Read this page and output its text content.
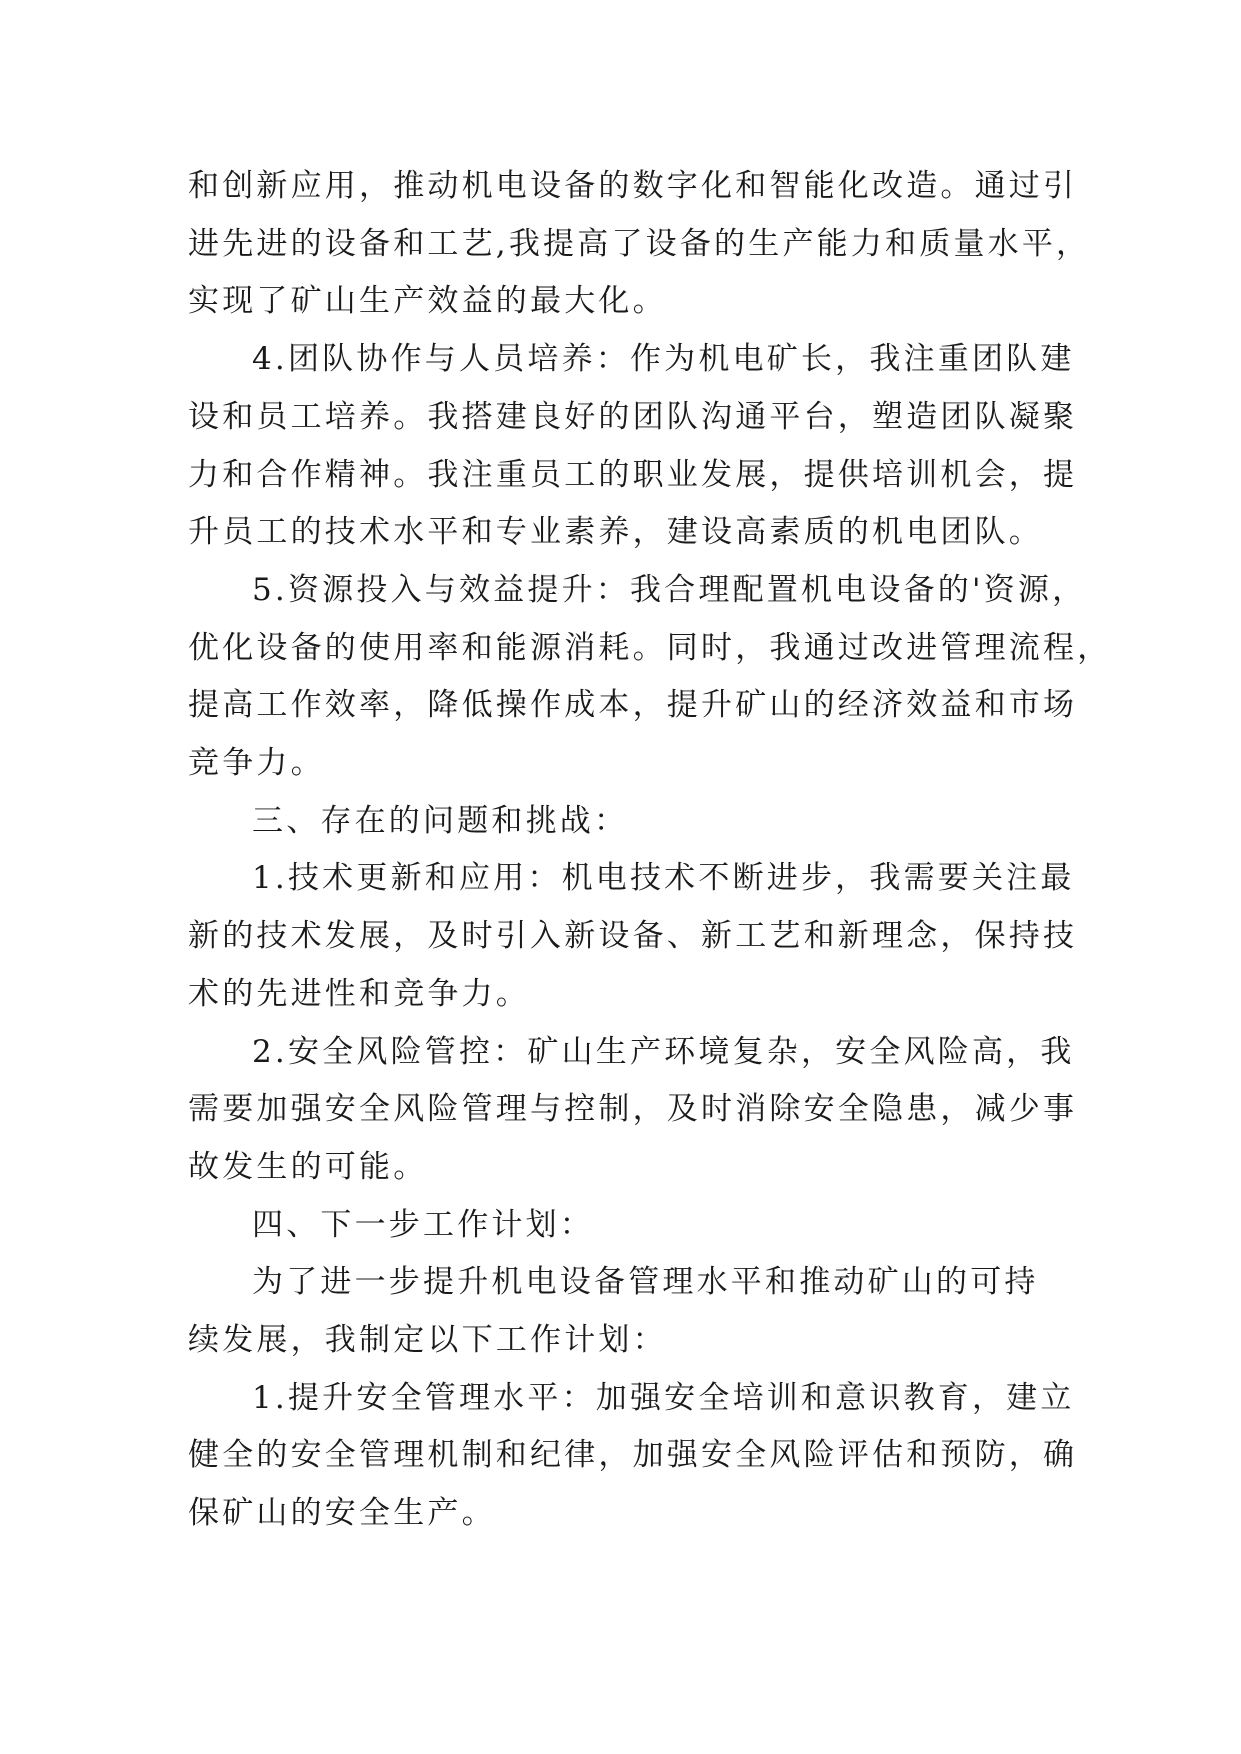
和创新应用，推动机电设备的数字化和智能化改造。通过引
进先进的设备和工艺,我提高了设备的生产能力和质量水平，
实现了矿山生产效益的最大化。

4.团队协作与人员培养：作为机电矿长，我注重团队建
设和员工培养。我搭建良好的团队沟通平台，塑造团队凝聚
力和合作精神。我注重员工的职业发展，提供培训机会，提
升员工的技术水平和专业素养，建设高素质的机电团队。

5.资源投入与效益提升：我合理配置机电设备的'资源，
优化设备的使用率和能源消耗。同时，我通过改进管理流程，
提高工作效率，降低操作成本，提升矿山的经济效益和市场
竞争力。

三、存在的问题和挑战：

1.技术更新和应用：机电技术不断进步，我需要关注最
新的技术发展，及时引入新设备、新工艺和新理念，保持技
术的先进性和竞争力。

2.安全风险管控：矿山生产环境复杂，安全风险高，我
需要加强安全风险管理与控制，及时消除安全隐患，减少事
故发生的可能。

四、下一步工作计划：

为了进一步提升机电设备管理水平和推动矿山的可持
续发展，我制定以下工作计划：

1.提升安全管理水平：加强安全培训和意识教育，建立
健全的安全管理机制和纪律，加强安全风险评估和预防，确
保矿山的安全生产。
